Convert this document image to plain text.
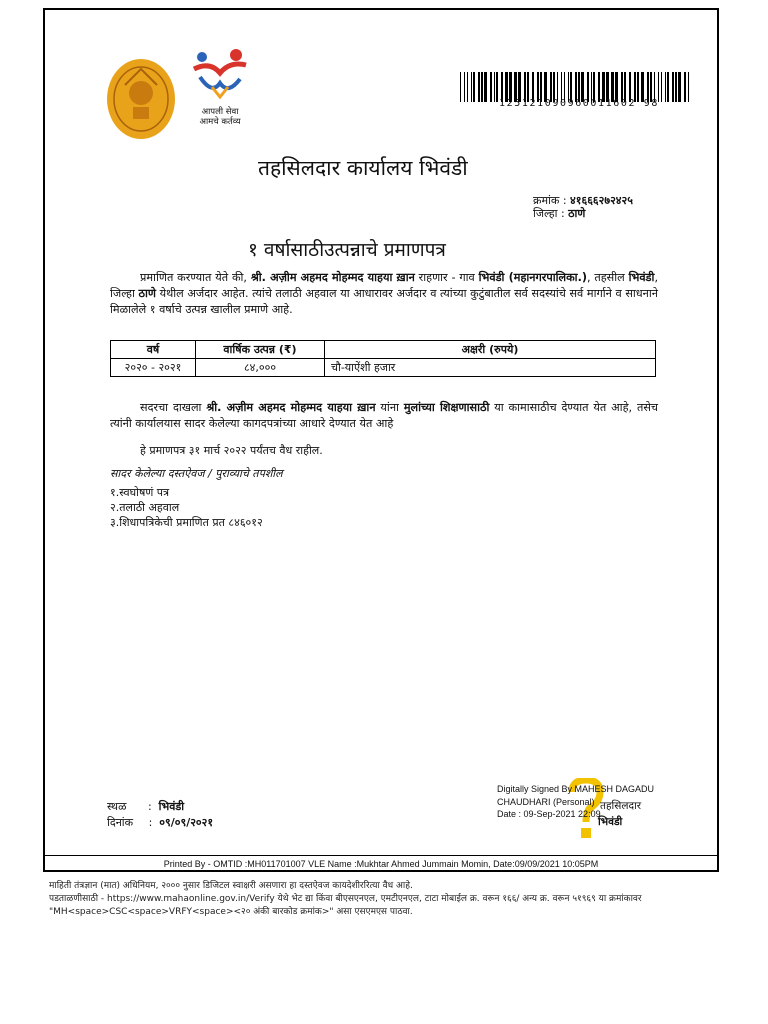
आपली सेवा
आमचे कर्तव्य
125121090960011602 98
तहसिलदार कार्यालय भिवंडी
क्रमांक : ४१६६६२७२४२५
जिल्हा : ठाणे
१ वर्षासाठीउत्पन्नाचे प्रमाणपत्र
प्रमाणित करण्यात येते की, श्री. अज़ीम अहमद मोहम्मद याहया ख़ान राहणार - गाव भिवंडी (महानगरपालिका.), तहसील भिवंडी, जिल्हा ठाणे येथील अर्जदार आहेत. त्यांचे तलाठी अहवाल या आधारावर अर्जदार व त्यांच्या कुटुंबातील सर्व सदस्यांचे सर्व मार्गाने व साधनाने मिळालेले १ वर्षाचे उत्पन्न खालील प्रमाणे आहे.
वर्ष	वार्षिक उत्पन्न (₹)	अक्षरी (रुपये)
२०२० - २०२१	८४,०००	चौ-याऐंशी हजार
सदरचा दाखला श्री. अज़ीम अहमद मोहम्मद याहया ख़ान यांना मुलांच्या शिक्षणासाठी या कामासाठीच देण्यात येत आहे, तसेच त्यांनी कार्यालयास सादर केलेल्या कागदपत्रांच्या आधारे देण्यात येत आहे
हे प्रमाणपत्र ३१ मार्च २०२२ पर्यंतच वैध राहील.
सादर केलेल्या दस्तऐवज / पुराव्याचे तपशील
१.स्वघोषणं पत्र
२.तलाठी अहवाल
३.शिधापत्रिकेची प्रमाणित प्रत ८४६०१२
स्थळ :  भिवंडी
दिनांक :  ०९/०९/२०२१
Digitally Signed By MAHESH DAGADU
CHAUDHARI (Personal)
Date : 09-Sep-2021 22:09
तहसिलदार
भिवंडी
Printed By - OMTID :MH011701007 VLE Name :Mukhtar Ahmed Jummain Momin, Date:09/09/2021 10:05PM
माहिती तंत्रज्ञान (मात) अधिनियम, २००० नुसार डिजिटल स्वाक्षरी असणारा हा दस्तऐवज कायदेशीररित्या वैध आहे.
पडताळणीसाठी - https://www.mahaonline.gov.in/Verify येथे भेट द्या किंवा बीएसएनएल, एमटीएनएल, टाटा मोबाईल क्र. वरून १६६/ अन्य क्र. वरून ५१९६९ या क्रमांकावर
"MH<space>CSC<space>VRFY<space><२० अंकी बारकोड क्रमांक>" असा एसएमएस पाठवा.
